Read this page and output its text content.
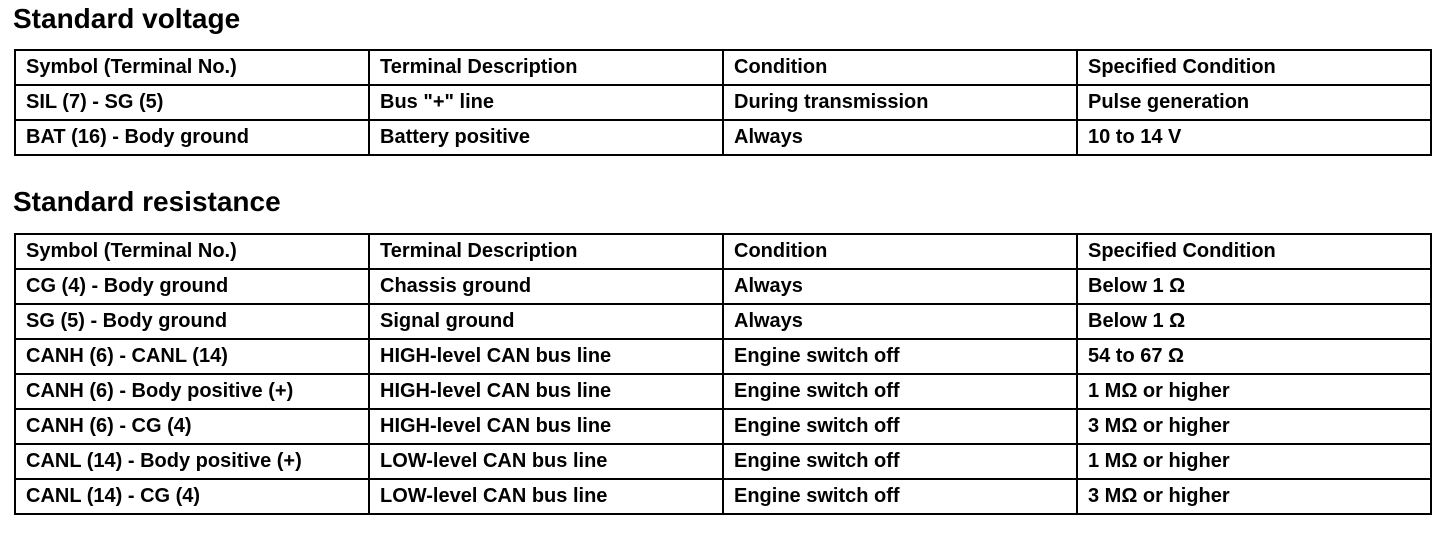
Standard voltage
Symbol (Terminal No.)	Terminal Description	Condition	Specified Condition
SIL (7) - SG (5)	Bus "+" line	During transmission	Pulse generation
BAT (16) - Body ground	Battery positive	Always	10 to 14 V
Standard resistance
Symbol (Terminal No.)	Terminal Description	Condition	Specified Condition
CG (4) - Body ground	Chassis ground	Always	Below 1 Ω
SG (5) - Body ground	Signal ground	Always	Below 1 Ω
CANH (6) - CANL (14)	HIGH-level CAN bus line	Engine switch off	54 to 67 Ω
CANH (6) - Body positive (+)	HIGH-level CAN bus line	Engine switch off	1 MΩ or higher
CANH (6) - CG (4)	HIGH-level CAN bus line	Engine switch off	3 MΩ or higher
CANL (14) - Body positive (+)	LOW-level CAN bus line	Engine switch off	1 MΩ or higher
CANL (14) - CG (4)	LOW-level CAN bus line	Engine switch off	3 MΩ or higher
